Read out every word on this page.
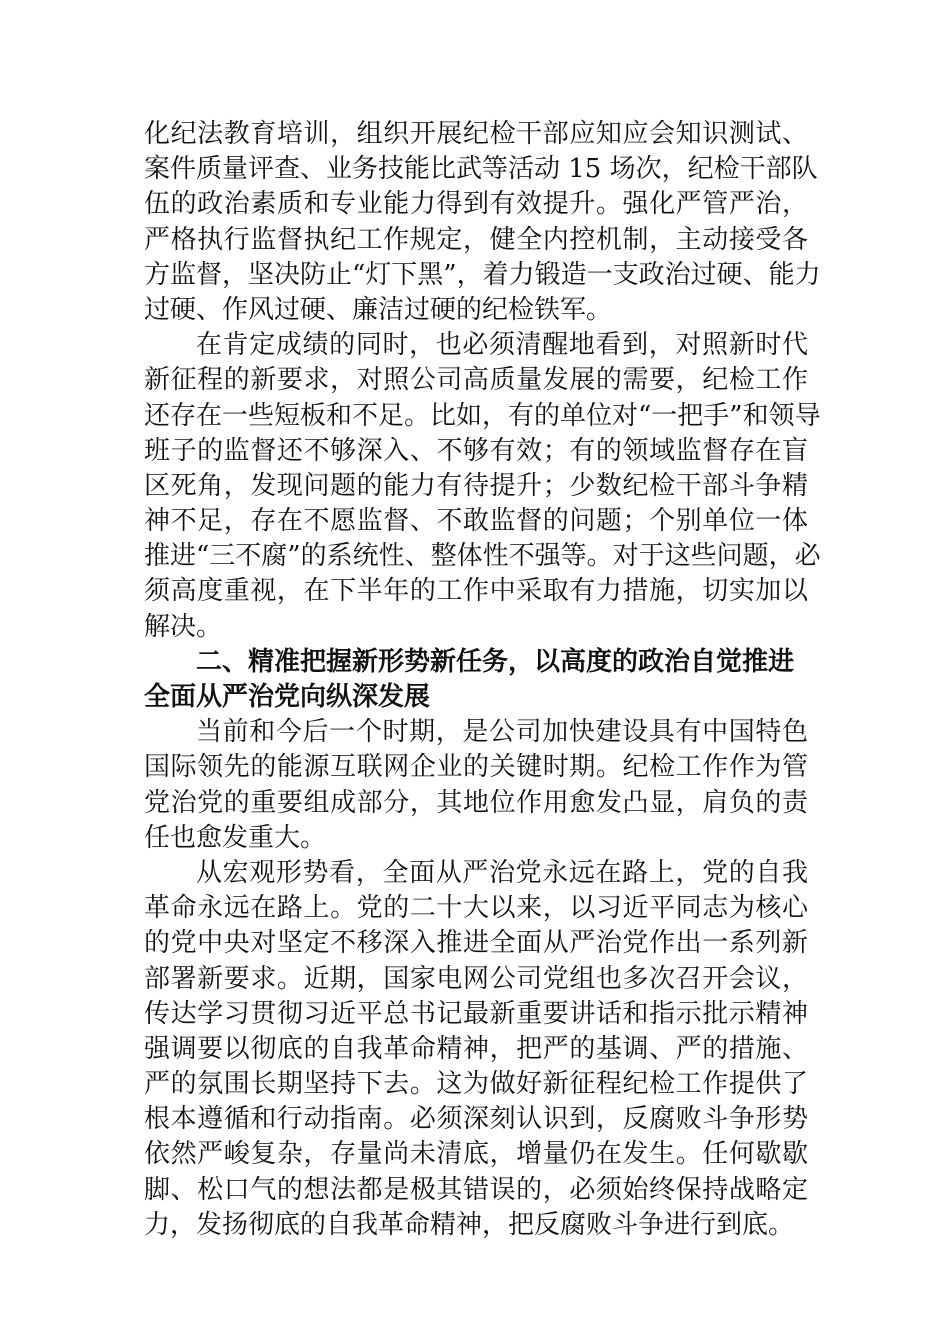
化纪法教育培训，组织开展纪检干部应知应会知识测试、
案件质量评查、业务技能比武等活动 15 场次，纪检干部队
伍的政治素质和专业能力得到有效提升。强化严管严治，
严格执行监督执纪工作规定，健全内控机制，主动接受各
方监督，坚决防止“灯下黑”，着力锻造一支政治过硬、能力
过硬、作风过硬、廉洁过硬的纪检铁军。

在肯定成绩的同时，也必须清醒地看到，对照新时代
新征程的新要求，对照公司高质量发展的需要，纪检工作
还存在一些短板和不足。比如，有的单位对“一把手”和领导
班子的监督还不够深入、不够有效；有的领域监督存在盲
区死角，发现问题的能力有待提升；少数纪检干部斗争精
神不足，存在不愿监督、不敢监督的问题；个别单位一体
推进“三不腐”的系统性、整体性不强等。对于这些问题，必
须高度重视，在下半年的工作中采取有力措施，切实加以
解决。

二、精准把握新形势新任务，以高度的政治自觉推进
全面从严治党向纵深发展

当前和今后一个时期，是公司加快建设具有中国特色
国际领先的能源互联网企业的关键时期。纪检工作作为管
党治党的重要组成部分，其地位作用愈发凸显，肩负的责
任也愈发重大。

从宏观形势看，全面从严治党永远在路上，党的自我
革命永远在路上。党的二十大以来，以习近平同志为核心
的党中央对坚定不移深入推进全面从严治党作出一系列新
部署新要求。近期，国家电网公司党组也多次召开会议，
传达学习贯彻习近平总书记最新重要讲话和指示批示精神
强调要以彻底的自我革命精神，把严的基调、严的措施、
严的氛围长期坚持下去。这为做好新征程纪检工作提供了
根本遵循和行动指南。必须深刻认识到，反腐败斗争形势
依然严峻复杂，存量尚未清底，增量仍在发生。任何歇歇
脚、松口气的想法都是极其错误的，必须始终保持战略定
力，发扬彻底的自我革命精神，把反腐败斗争进行到底。
